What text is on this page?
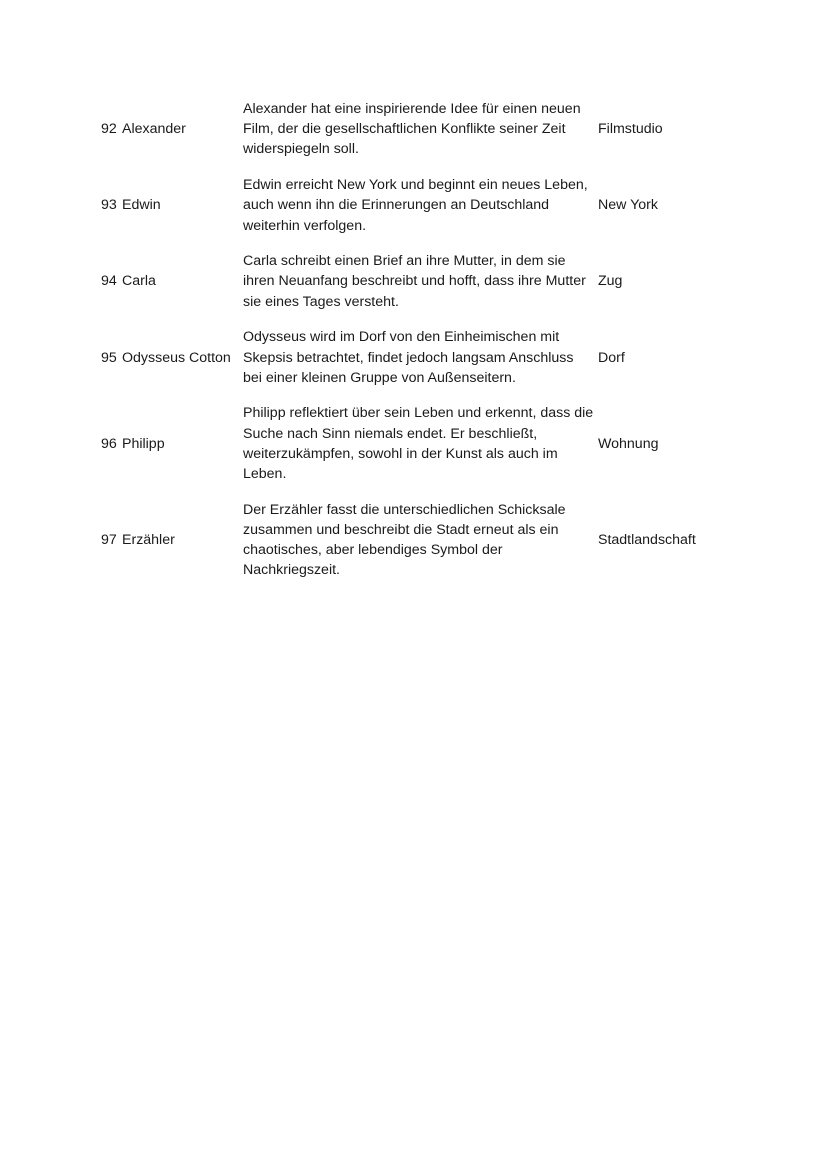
92	Alexander	Alexander hat eine inspirierende Idee für einen neuen Film, der die gesellschaftlichen Konflikte seiner Zeit widerspiegeln soll.	Filmstudio
93	Edwin	Edwin erreicht New York und beginnt ein neues Leben, auch wenn ihn die Erinnerungen an Deutschland weiterhin verfolgen.	New York
94	Carla	Carla schreibt einen Brief an ihre Mutter, in dem sie ihren Neuanfang beschreibt und hofft, dass ihre Mutter sie eines Tages versteht.	Zug
95	Odysseus Cotton	Odysseus wird im Dorf von den Einheimischen mit Skepsis betrachtet, findet jedoch langsam Anschluss bei einer kleinen Gruppe von Außenseitern.	Dorf
96	Philipp	Philipp reflektiert über sein Leben und erkennt, dass die Suche nach Sinn niemals endet. Er beschließt, weiterzukämpfen, sowohl in der Kunst als auch im Leben.	Wohnung
97	Erzähler	Der Erzähler fasst die unterschiedlichen Schicksale zusammen und beschreibt die Stadt erneut als ein chaotisches, aber lebendiges Symbol der Nachkriegszeit.	Stadtlandschaft
